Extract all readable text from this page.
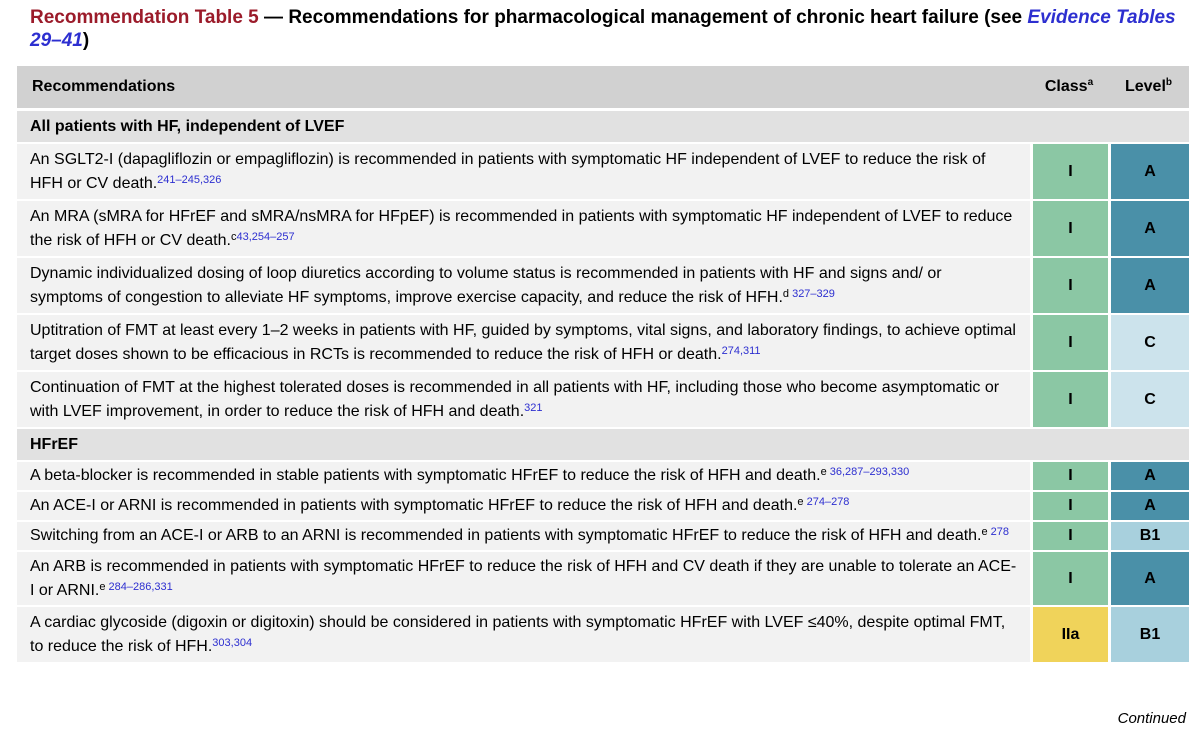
Recommendation Table 5 — Recommendations for pharmacological management of chronic heart failure (see Evidence Tables 29–41)
Recommendations	Class$^a$	Level$^b$
All patients with HF, independent of LVEF		
An SGLT2-I (dapagliflozin or empagliflozin) is recommended in patients with symptomatic HF independent of LVEF to reduce the risk of HFH or CV death.$^{241-245,326}$	I	A
An MRA (sMRA for HFrEF and sMRA/nsMRA for HFpEF) is recommended in patients with symptomatic HF independent of LVEF to reduce the risk of HFH or CV death.$^{c43,254-257}$	I	A
Dynamic individualized dosing of loop diuretics according to volume status is recommended in patients with HF and signs and/ or symptoms of congestion to alleviate HF symptoms, improve exercise capacity, and reduce the risk of HFH.$^{d 327-329}$	I	A
Uptitration of FMT at least every 1–2 weeks in patients with HF, guided by symptoms, vital signs, and laboratory findings, to achieve optimal target doses shown to be efficacious in RCTs is recommended to reduce the risk of HFH or death.$^{274,311}$	I	C
Continuation of FMT at the highest tolerated doses is recommended in all patients with HF, including those who become asymptomatic or with LVEF improvement, in order to reduce the risk of HFH and death.$^{321}$	I	C
HFrEF		
A beta-blocker is recommended in stable patients with symptomatic HFrEF to reduce the risk of HFH and death.$^{e 36,287-293,330}$	I	A
An ACE-I or ARNI is recommended in patients with symptomatic HFrEF to reduce the risk of HFH and death.$^{e 274-278}$	I	A
Switching from an ACE-I or ARB to an ARNI is recommended in patients with symptomatic HFrEF to reduce the risk of HFH and death.$^{e 278}$	I	B1
An ARB is recommended in patients with symptomatic HFrEF to reduce the risk of HFH and CV death if they are unable to tolerate an ACE-I or ARNI.$^{e 284-286,331}$	I	A
A cardiac glycoside (digoxin or digitoxin) should be considered in patients with symptomatic HFrEF with LVEF ≤40%, despite optimal FMT, to reduce the risk of HFH.$^{303,304}$	IIa	B1
Continued
